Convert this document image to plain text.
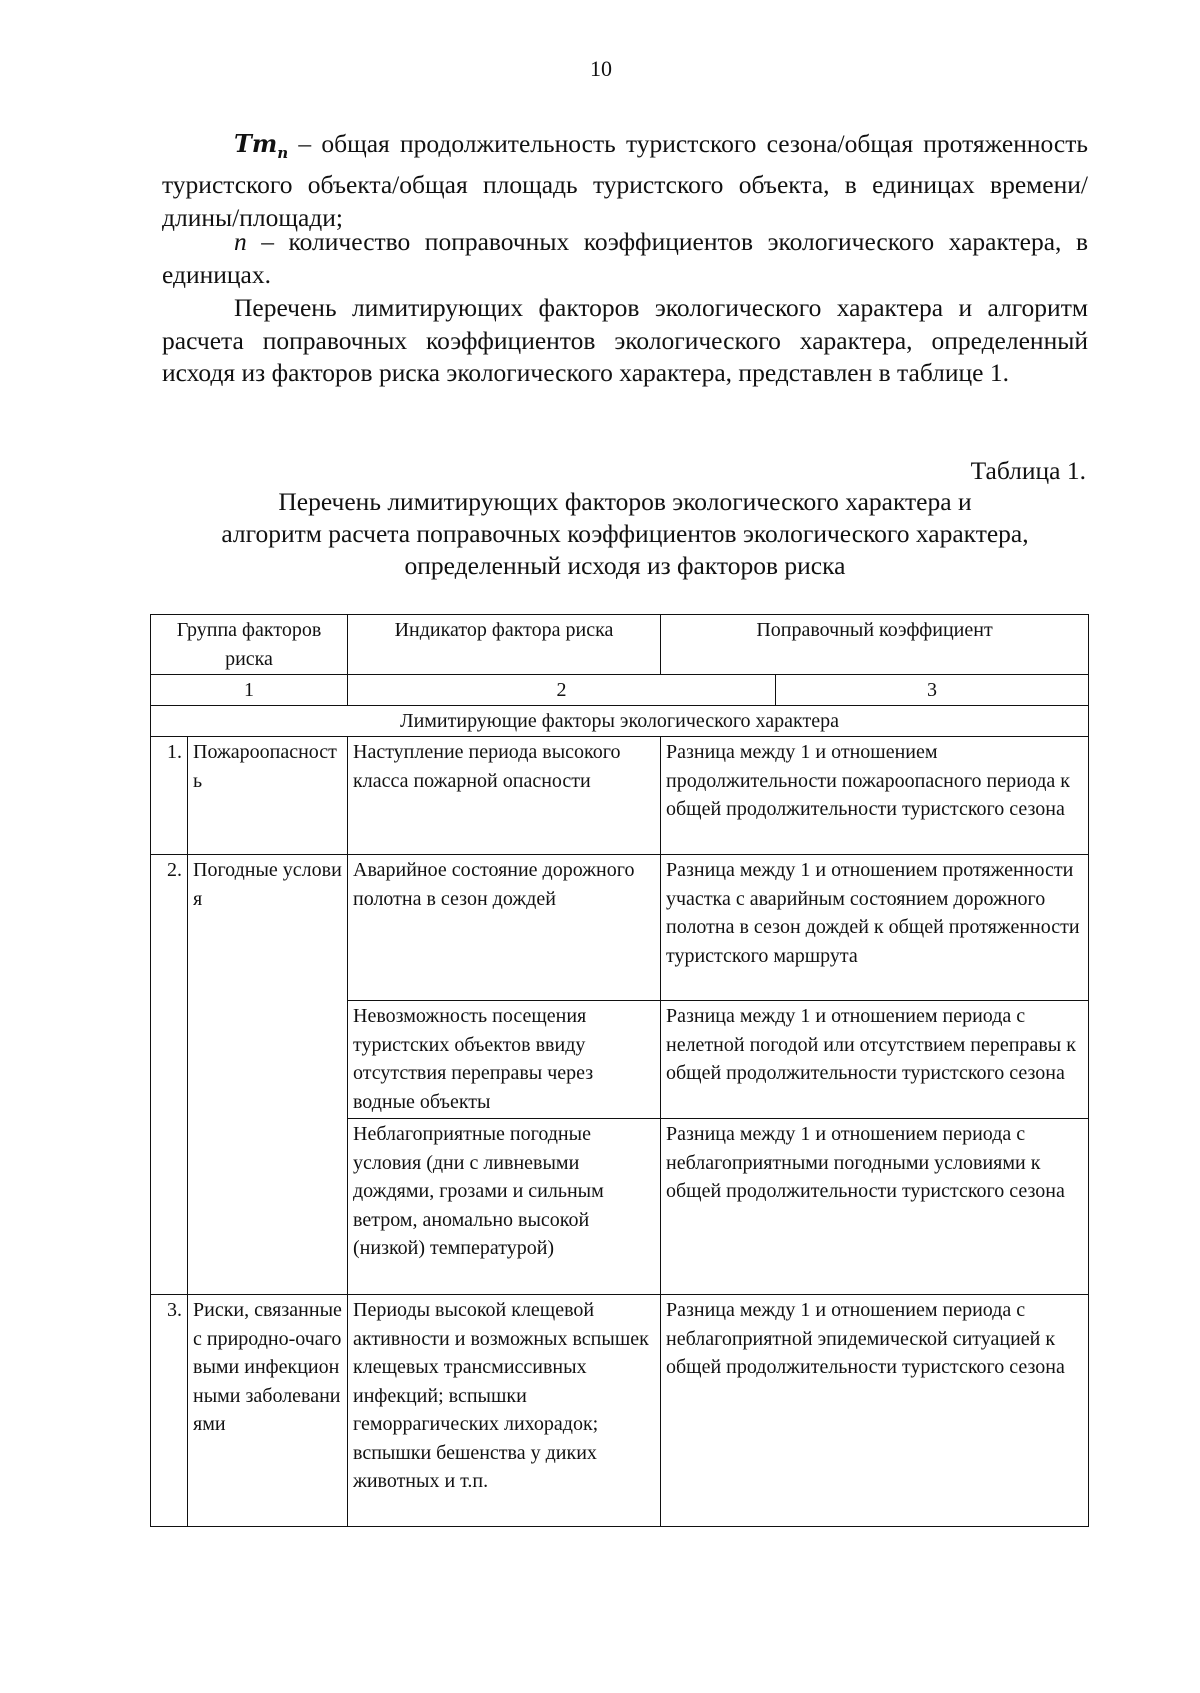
10

$Tm_n$ – общая продолжительность туристского сезона/общая протяженность туристского объекта/общая площадь туристского объекта, в единицах времени/длины/площади;

n – количество поправочных коэффициентов экологического характера, в единицах.

Перечень лимитирующих факторов экологического характера и алгоритм расчета поправочных коэффициентов экологического характера, определенный исходя из факторов риска экологического характера, представлен в таблице 1.

Таблица 1.

Перечень лимитирующих факторов экологического характера и
алгоритм расчета поправочных коэффициентов экологического характера,
определенный исходя из факторов риска

Группа факторов риска		Индикатор фактора риска	Поправочный коэффициент	
1		2		3
Лимитирующие факторы экологического характера				
1.	Пожароопасность	Наступление периода высокого класса пожарной опасности	Разница между 1 и отношением продолжительности пожароопасного периода к общей продолжительности туристского сезона	
2.	Погодные условия	Аварийное состояние дорожного полотна в сезон дождей	Разница между 1 и отношением протяженности участка с аварийным состоянием дорожного полотна в сезон дождей к общей протяженности туристского маршрута	
		Невозможность посещения туристских объектов ввиду отсутствия переправы через водные объекты	Разница между 1 и отношением периода с нелетной погодой или отсутствием переправы к общей продолжительности туристского сезона	
		Неблагоприятные погодные условия (дни с ливневыми дождями, грозами и сильным ветром, аномально высокой (низкой) температурой)	Разница между 1 и отношением периода с неблагоприятными погодными условиями к общей продолжительности туристского сезона	
3.	Риски, связанные с природно-очаговыми инфекционными заболеваниями	Периоды высокой клещевой активности и возможных вспышек клещевых трансмиссивных инфекций; вспышки геморрагических лихорадок; вспышки бешенства у диких животных и т.п.	Разница между 1 и отношением периода с неблагоприятной эпидемической ситуацией к общей продолжительности туристского сезона	
